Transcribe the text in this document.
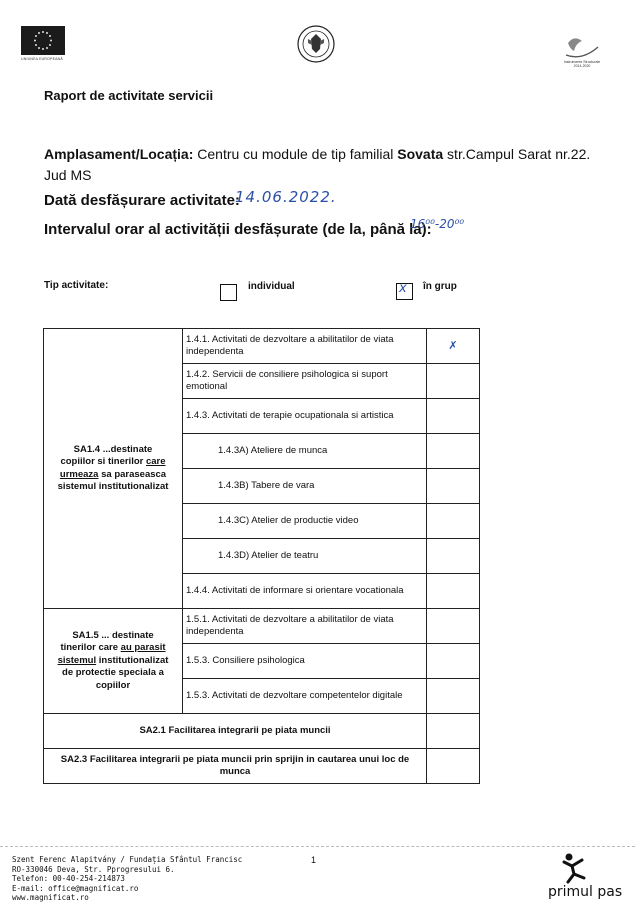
UNIUNEA EUROPEANĂ
Instrumente Structurale
2014-2020
Raport de activitate servicii
Amplasament/Locația: Centru cu module de tip familial Sovata str.Campul Sarat nr.22. Jud MS
Dată desfășurare activitate:
14.06.2022.
Intervalul orar al activității desfășurate (de la, până la):
16⁰⁰-20⁰⁰
Tip activitate:	individual	x în grup
SA1.4 ...destinate
copiilor si tinerilor care
urmeaza sa paraseasca
sistemul institutionalizat	1.4.1. Activitati de dezvoltare a abilitatilor de viata independenta	✗
	1.4.2. Servicii de consiliere psihologica si suport emotional	
	1.4.3. Activitati de terapie ocupationala si artistica	
	1.4.3A) Ateliere de munca	
	1.4.3B) Tabere de vara	
	1.4.3C) Atelier de productie video	
	1.4.3D) Atelier de teatru	
	1.4.4. Activitati de informare si orientare vocationala	
SA1.5 ... destinate
tinerilor care au parasit
sistemul institutionalizat
de protectie speciala a
copiilor	1.5.1. Activitati de dezvoltare a abilitatilor de viata independenta	
	1.5.3. Consiliere psihologica	
	1.5.3. Activitati de dezvoltare competentelor digitale	
SA2.1 Facilitarea integrarii pe piata muncii		
SA2.3 Facilitarea integrarii pe piata muncii prin sprijin in cautarea unui loc de munca		
Szent Ferenc Alapitvány / Fundația Sfântul Francisc
RO-330046 Deva, Str. Pprogresului 6.
Telefon: 00-40-254-214873
E-mail: office@magnificat.ro
www.magnificat.ro
1
primul pas
